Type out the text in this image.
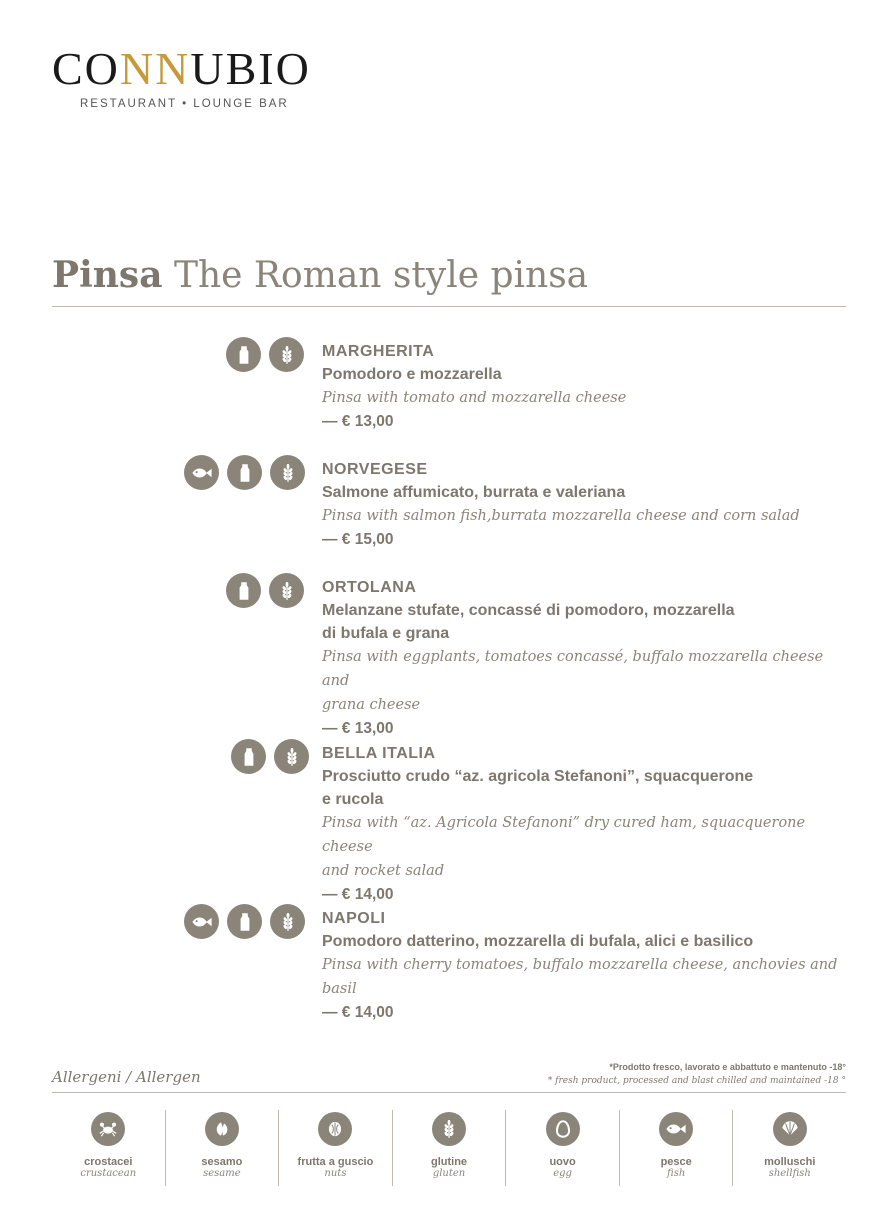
CONNUBIO
RESTAURANT • LOUNGE BAR
Pinsa The Roman style pinsa
MARGHERITA
Pomodoro e mozzarella
Pinsa with tomato and mozzarella cheese
— € 13,00
NORVEGESE
Salmone affumicato, burrata e valeriana
Pinsa with salmon fish,burrata mozzarella cheese and corn salad
— € 15,00
ORTOLANA
Melanzane stufate, concassé di pomodoro, mozzarella
di bufala e grana
Pinsa with eggplants, tomatoes concassé, buffalo mozzarella cheese and
grana cheese
— € 13,00
BELLA ITALIA
Prosciutto crudo “az. agricola Stefanoni”, squacquerone
e rucola
Pinsa with “az. Agricola Stefanoni” dry cured ham, squacquerone cheese
and rocket salad
— € 14,00
NAPOLI
Pomodoro datterino, mozzarella di bufala, alici e basilico
Pinsa with cherry tomatoes, buffalo mozzarella cheese, anchovies and
basil
— € 14,00
Allergeni / Allergen
*Prodotto fresco, lavorato e abbattuto e mantenuto -18°
* fresh product, processed and blast chilled and maintained -18 °
crostacei
crustacean
sesamo
sesame
frutta a guscio
nuts
glutine
gluten
uovo
egg
pesce
fish
molluschi
shellfish
